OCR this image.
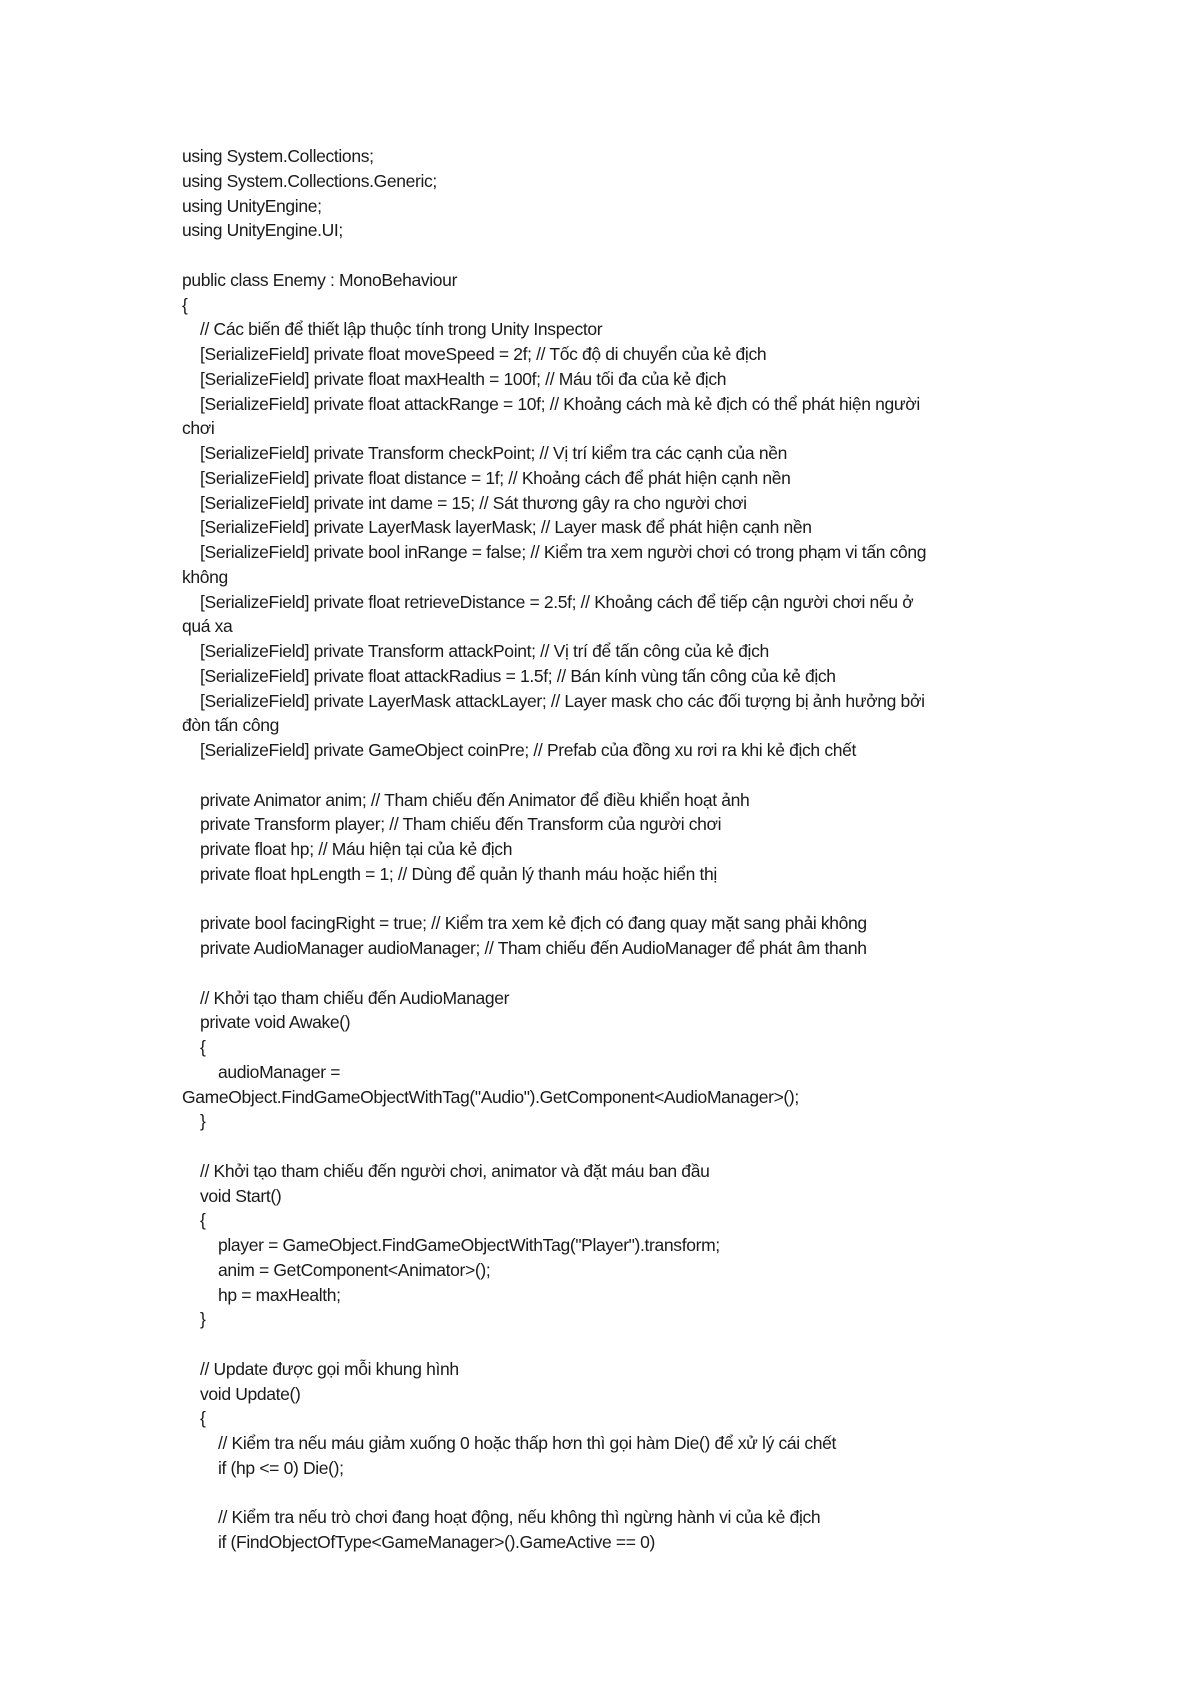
using System.Collections;
using System.Collections.Generic;
using UnityEngine;
using UnityEngine.UI;
public class Enemy : MonoBehaviour
{
// Các biến để thiết lập thuộc tính trong Unity Inspector
[SerializeField] private float moveSpeed = 2f; // Tốc độ di chuyển của kẻ địch
[SerializeField] private float maxHealth = 100f; // Máu tối đa của kẻ địch
[SerializeField] private float attackRange = 10f; // Khoảng cách mà kẻ địch có thể phát hiện người
chơi
[SerializeField] private Transform checkPoint; // Vị trí kiểm tra các cạnh của nền
[SerializeField] private float distance = 1f; // Khoảng cách để phát hiện cạnh nền
[SerializeField] private int dame = 15; // Sát thương gây ra cho người chơi
[SerializeField] private LayerMask layerMask; // Layer mask để phát hiện cạnh nền
[SerializeField] private bool inRange = false; // Kiểm tra xem người chơi có trong phạm vi tấn công
không
[SerializeField] private float retrieveDistance = 2.5f; // Khoảng cách để tiếp cận người chơi nếu ở
quá xa
[SerializeField] private Transform attackPoint; // Vị trí để tấn công của kẻ địch
[SerializeField] private float attackRadius = 1.5f; // Bán kính vùng tấn công của kẻ địch
[SerializeField] private LayerMask attackLayer; // Layer mask cho các đối tượng bị ảnh hưởng bởi
đòn tấn công
[SerializeField] private GameObject coinPre; // Prefab của đồng xu rơi ra khi kẻ địch chết
private Animator anim; // Tham chiếu đến Animator để điều khiển hoạt ảnh
private Transform player; // Tham chiếu đến Transform của người chơi
private float hp; // Máu hiện tại của kẻ địch
private float hpLength = 1; // Dùng để quản lý thanh máu hoặc hiển thị
private bool facingRight = true; // Kiểm tra xem kẻ địch có đang quay mặt sang phải không
private AudioManager audioManager; // Tham chiếu đến AudioManager để phát âm thanh
// Khởi tạo tham chiếu đến AudioManager
private void Awake()
{
audioManager =
GameObject.FindGameObjectWithTag("Audio").GetComponent<AudioManager>();
}
// Khởi tạo tham chiếu đến người chơi, animator và đặt máu ban đầu
void Start()
{
player = GameObject.FindGameObjectWithTag("Player").transform;
anim = GetComponent<Animator>();
hp = maxHealth;
}
// Update được gọi mỗi khung hình
void Update()
{
// Kiểm tra nếu máu giảm xuống 0 hoặc thấp hơn thì gọi hàm Die() để xử lý cái chết
if (hp <= 0) Die();
// Kiểm tra nếu trò chơi đang hoạt động, nếu không thì ngừng hành vi của kẻ địch
if (FindObjectOfType<GameManager>().GameActive == 0)
